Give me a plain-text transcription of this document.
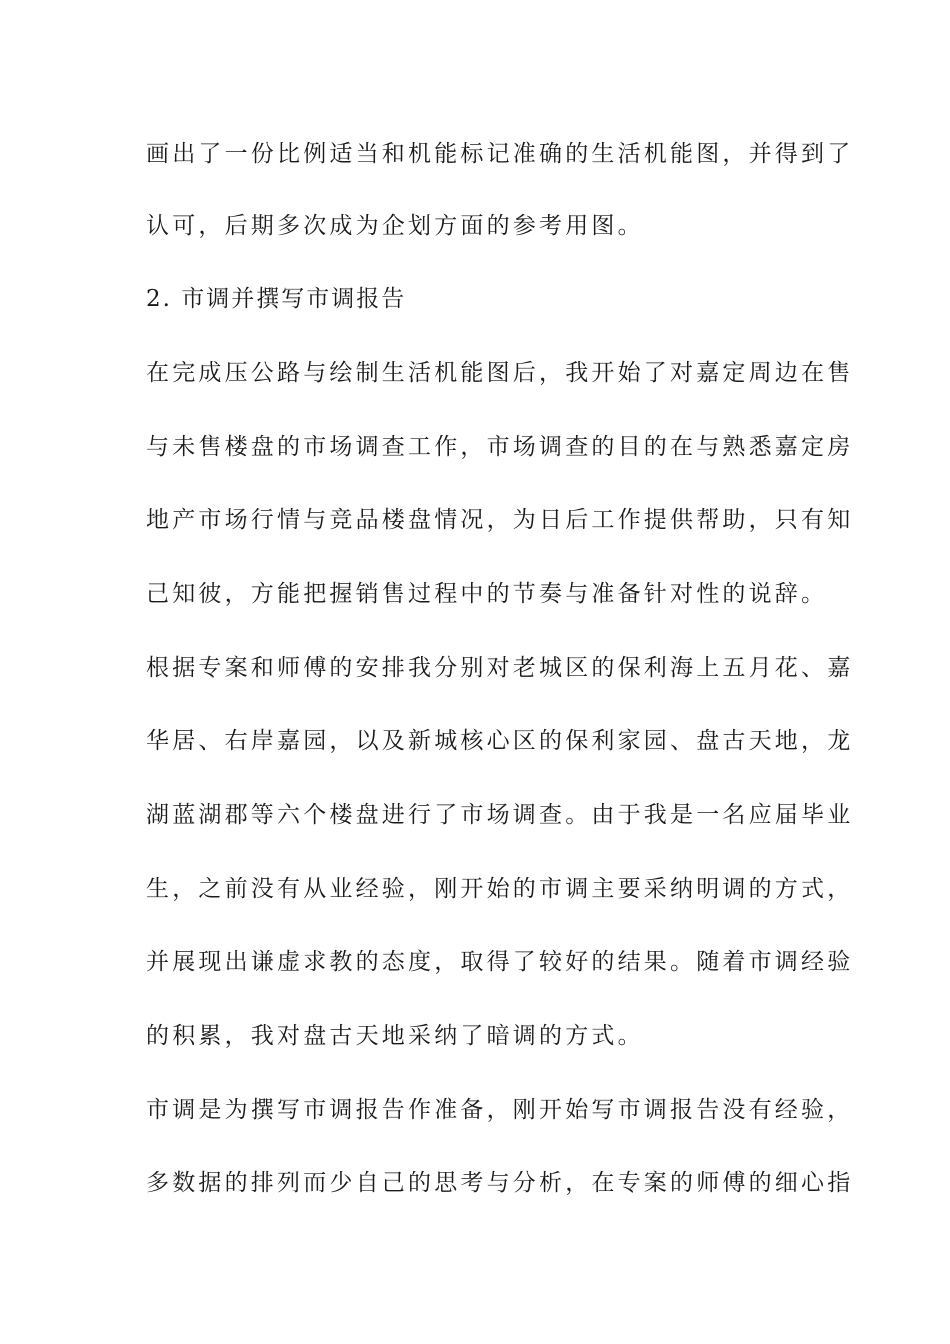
画出了一份比例适当和机能标记准确的生活机能图，并得到了
认可，后期多次成为企划方面的参考用图。
2. 市调并撰写市调报告
在完成压公路与绘制生活机能图后，我开始了对嘉定周边在售
与未售楼盘的市场调查工作，市场调查的目的在与熟悉嘉定房
地产市场行情与竞品楼盘情况，为日后工作提供帮助，只有知
己知彼，方能把握销售过程中的节奏与准备针对性的说辞。
根据专案和师傅的安排我分别对老城区的保利海上五月花、嘉
华居、右岸嘉园，以及新城核心区的保利家园、盘古天地，龙
湖蓝湖郡等六个楼盘进行了市场调查。由于我是一名应届毕业
生，之前没有从业经验，刚开始的市调主要采纳明调的方式，
并展现出谦虚求教的态度，取得了较好的结果。随着市调经验
的积累，我对盘古天地采纳了暗调的方式。
市调是为撰写市调报告作准备，刚开始写市调报告没有经验，
多数据的排列而少自己的思考与分析，在专案的师傅的细心指
